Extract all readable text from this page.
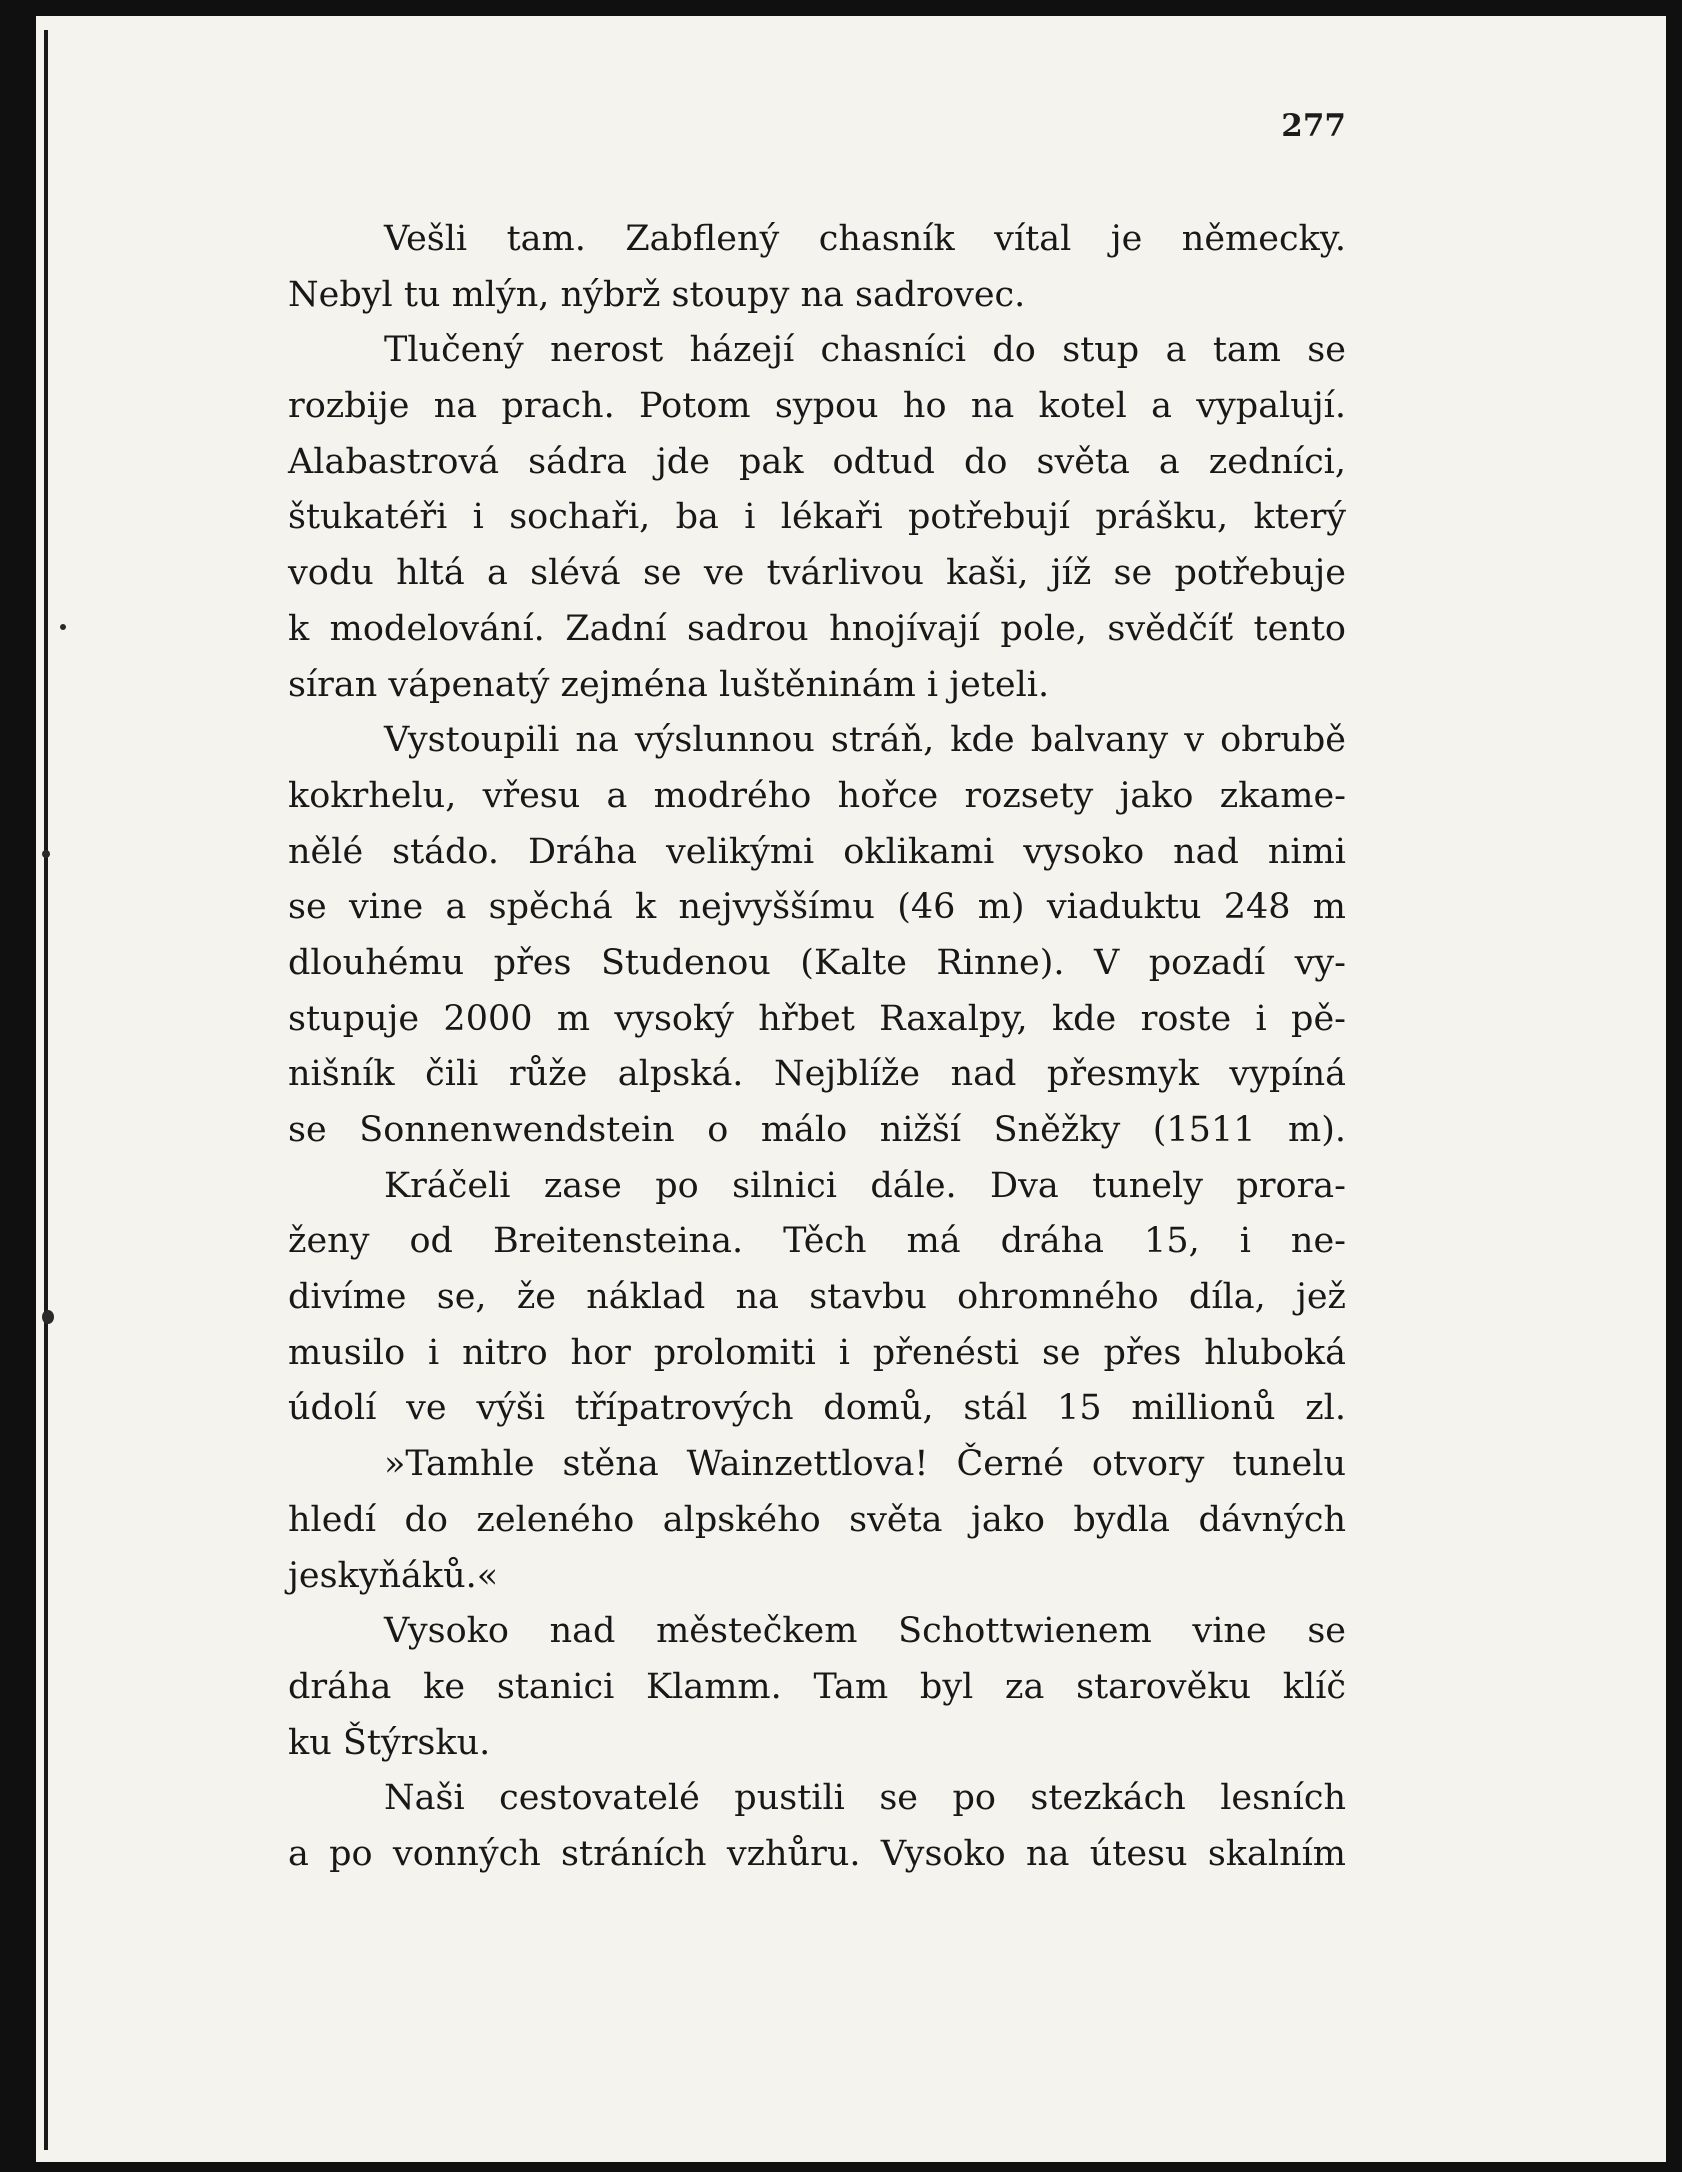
277
Vešli tam. Zabflený chasník vítal je německy.
Nebyl tu mlýn, nýbrž stoupy na sadrovec.
Tlučený nerost házejí chasníci do stup a tam se
rozbije na prach. Potom sypou ho na kotel a vypalují.
Alabastrová sádra jde pak odtud do světa a zedníci,
štukatéři i sochaři, ba i lékaři potřebují prášku, který
vodu hltá a slévá se ve tvárlivou kaši, jíž se potřebuje
k modelování. Zadní sadrou hnojívají pole, svědčíť tento
síran vápenatý zejména luštěninám i jeteli.
Vystoupili na výslunnou stráň, kde balvany v obrubě
kokrhelu, vřesu a modrého hořce rozsety jako zkame-
nělé stádo. Dráha velikými oklikami vysoko nad nimi
se vine a spěchá k nejvyššímu (46 m) viaduktu 248 m
dlouhému přes Studenou (Kalte Rinne). V pozadí vy-
stupuje 2000 m vysoký hřbet Raxalpy, kde roste i pě-
nišník čili růže alpská. Nejblíže nad přesmyk vypíná
se Sonnenwendstein o málo nižší Sněžky (1511 m).
Kráčeli zase po silnici dále. Dva tunely prora-
ženy od Breitensteina. Těch má dráha 15, i ne-
divíme se, že náklad na stavbu ohromného díla, jež
musilo i nitro hor prolomiti i přenésti se přes hluboká
údolí ve výši třípatrových domů, stál 15 millionů zl.
»Tamhle stěna Wainzettlova! Černé otvory tunelu
hledí do zeleného alpského světa jako bydla dávných
jeskyňáků.«
Vysoko nad městečkem Schottwienem vine se
dráha ke stanici Klamm. Tam byl za starověku klíč
ku Štýrsku.
Naši cestovatelé pustili se po stezkách lesních
a po vonných stráních vzhůru. Vysoko na útesu skalním
